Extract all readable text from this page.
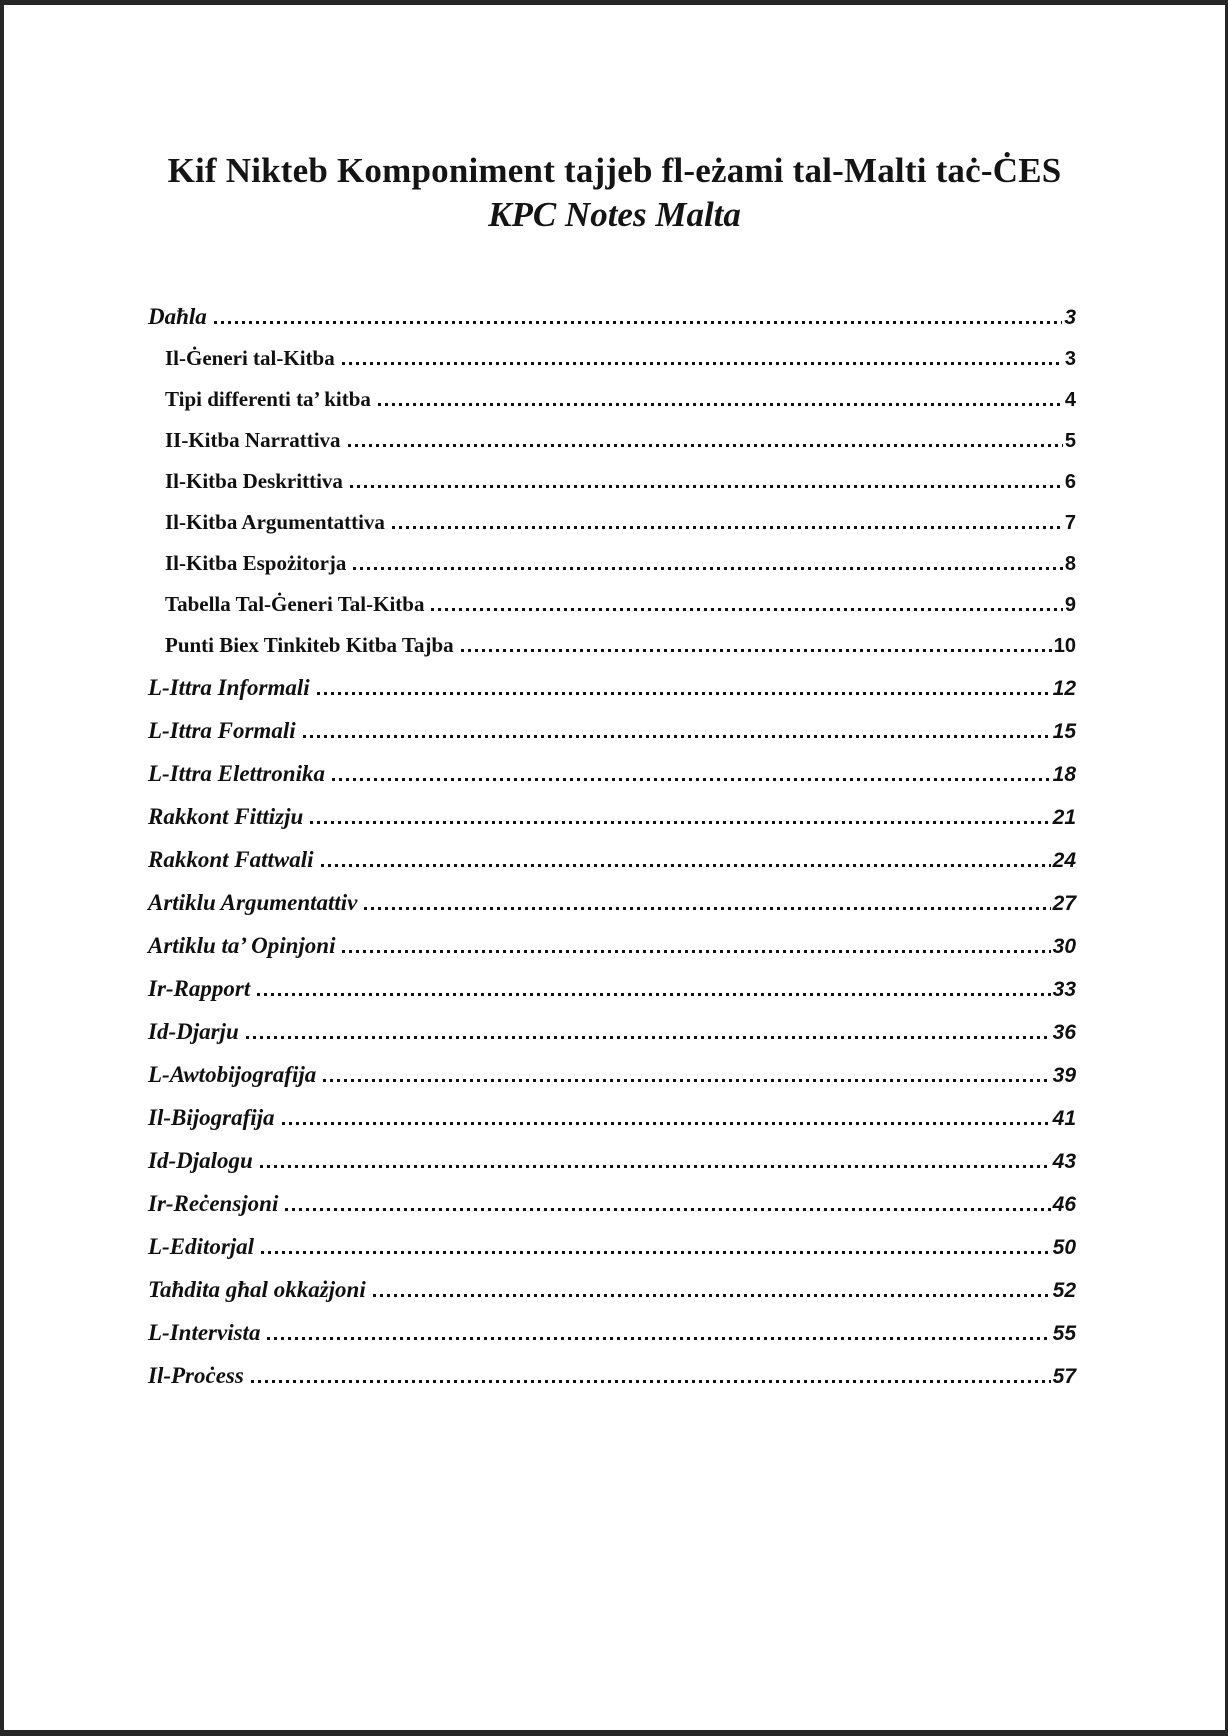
Kif Nikteb Komponiment tajjeb fl-eżami tal-Malti taċ-ĊES
KPC Notes Malta
Daħla	3
Il-Ġeneri tal-Kitba	3
Tipi differenti ta’ kitba	4
II-Kitba Narrattiva	5
Il-Kitba Deskrittiva	6
Il-Kitba Argumentattiva	7
Il-Kitba Espożitorja	8
Tabella Tal-Ġeneri Tal-Kitba	9
Punti Biex Tinkiteb Kitba Tajba	10
L-Ittra Informali	12
L-Ittra Formali	15
L-Ittra Elettronika	18
Rakkont Fittizju	21
Rakkont Fattwali	24
Artiklu Argumentattiv	27
Artiklu ta’ Opinjoni	30
Ir-Rapport	33
Id-Djarju	36
L-Awtobijografija	39
Il-Bijografija	41
Id-Djalogu	43
Ir-Reċensjoni	46
L-Editorjal	50
Taħdita għal okkażjoni	52
L-Intervista	55
Il-Proċess	57
